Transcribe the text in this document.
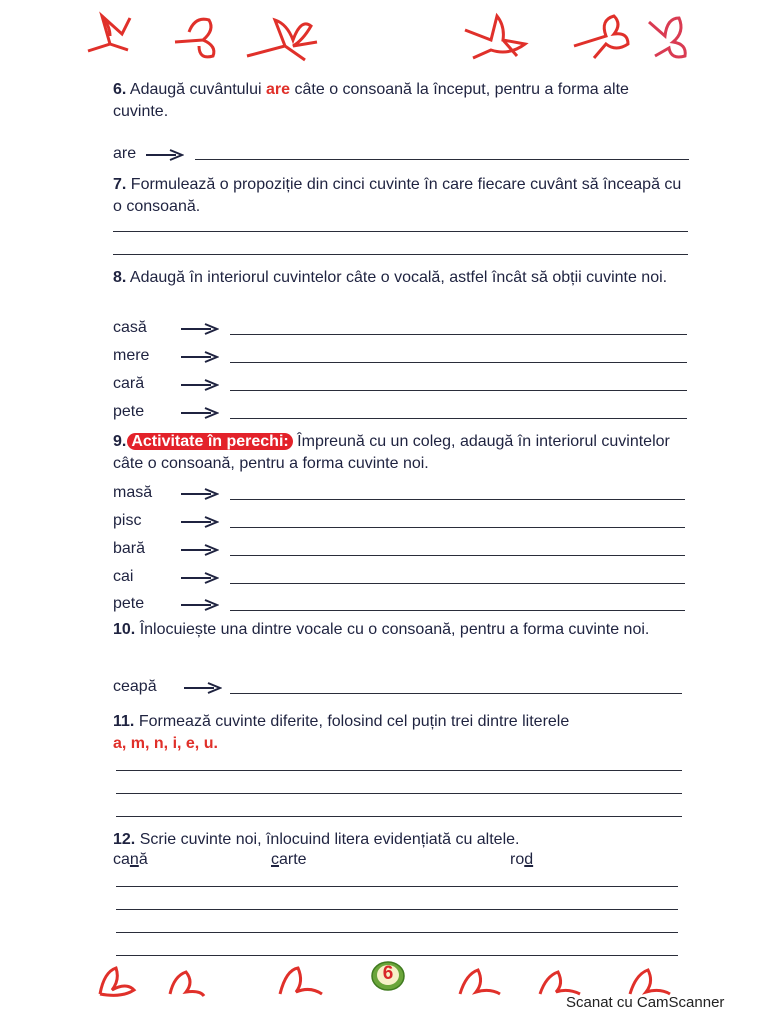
6. Adaugă cuvântului are câte o consoană la început, pentru a forma alte cuvinte.
are
7. Formulează o propoziție din cinci cuvinte în care fiecare cuvânt să înceapă cu o consoană.
8. Adaugă în interiorul cuvintelor câte o vocală, astfel încât să obții cuvinte noi.
casă
mere
cară
pete
9. Activitate în perechi: Împreună cu un coleg, adaugă în interiorul cuvintelor câte o consoană, pentru a forma cuvinte noi.
masă
pisc
bară
cai
pete
10. Înlocuiește una dintre vocale cu o consoană, pentru a forma cuvinte noi.
ceapă
11. Formează cuvinte diferite, folosind cel puțin trei dintre literele
a, m, n, i, e, u.
12. Scrie cuvinte noi, înlocuind litera evidențiată cu altele.
cană	carte	rod
6
Scanat cu CamScanner
